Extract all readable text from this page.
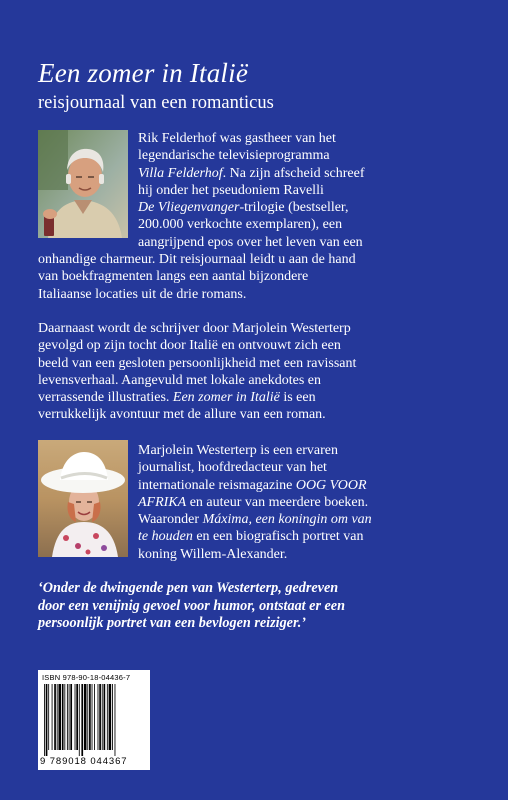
Een zomer in Italië
reisjournaal van een romanticus
Rik Felderhof was gastheer van het
legendarische televisieprogramma
Villa Felderhof. Na zijn afscheid schreef
hij onder het pseudoniem Ravelli
De Vliegenvanger-trilogie (bestseller,
200.000 verkochte exemplaren), een
aangrijpend epos over het leven van een
onhandige charmeur. Dit reisjournaal leidt u aan de hand
van boekfragmenten langs een aantal bijzondere
Italiaanse locaties uit de drie romans.
Daarnaast wordt de schrijver door Marjolein Westerterp
gevolgd op zijn tocht door Italië en ontvouwt zich een
beeld van een gesloten persoonlijkheid met een ravissant
levensverhaal. Aangevuld met lokale anekdotes en
verrassende illustraties. Een zomer in Italië is een
verrukkelijk avontuur met de allure van een roman.
Marjolein Westerterp is een ervaren
journalist, hoofdredacteur van het
internationale reismagazine OOG VOOR
AFRIKA en auteur van meerdere boeken.
Waaronder Máxima, een koningin om van
te houden en een biografisch portret van
koning Willem-Alexander.
‘Onder de dwingende pen van Westerterp, gedreven
door een venijnig gevoel voor humor, ontstaat er een
persoonlijk portret van een bevlogen reiziger.’
ISBN 978-90-18-04436-7
9 789018 044367
